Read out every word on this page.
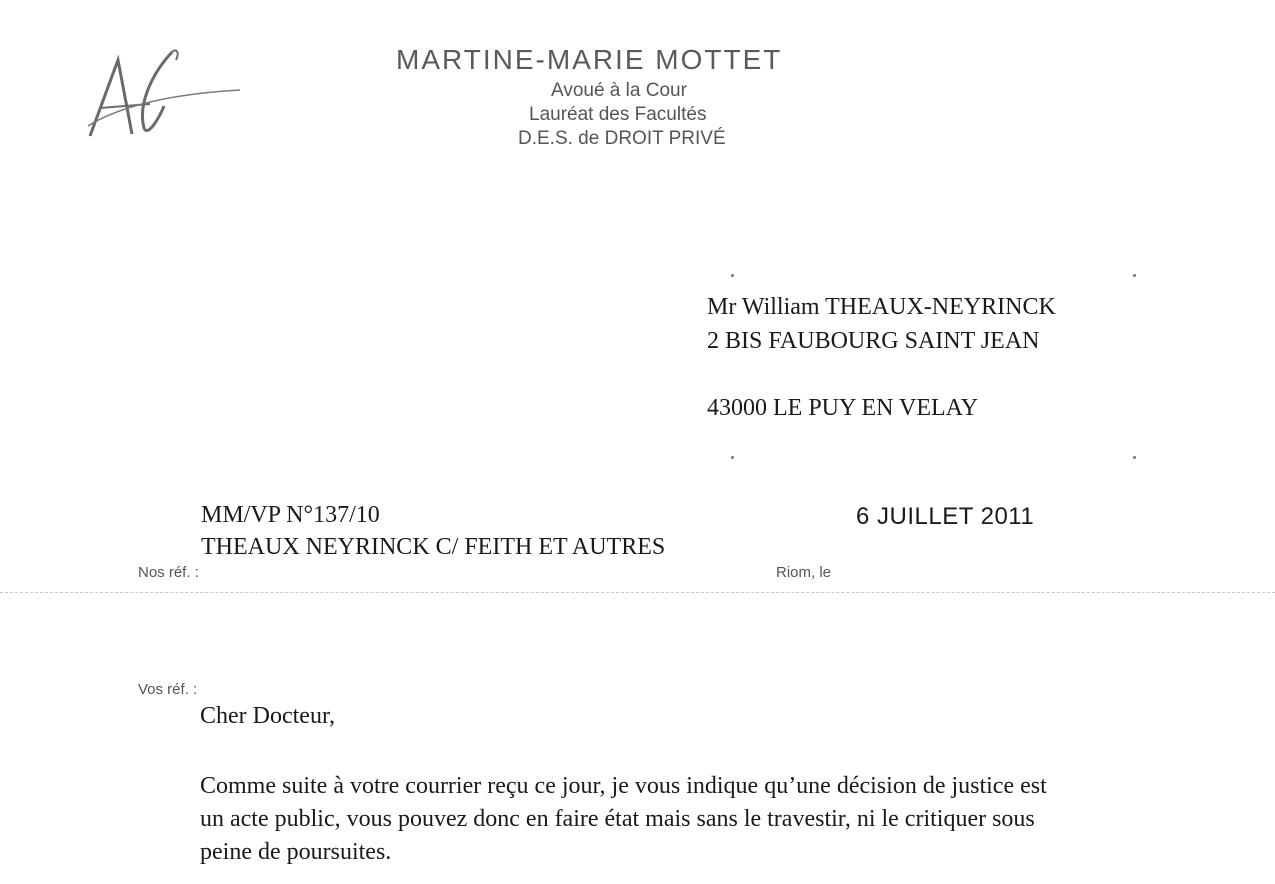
MARTINE-MARIE MOTTET
Avoué à la Cour
Lauréat des Facultés
D.E.S. de DROIT PRIVÉ
Mr William THEAUX-NEYRINCK
2 BIS FAUBOURG SAINT JEAN
43000 LE PUY EN VELAY
MM/VP N°137/10
THEAUX NEYRINCK C/ FEITH ET AUTRES
6 JUILLET 2011
Nos réf. :	Riom, le
Vos réf. :
Cher Docteur,
Comme suite à votre courrier reçu ce jour, je vous indique qu’une décision de justice est
un acte public, vous pouvez donc en faire état mais sans le travestir, ni le critiquer sous
peine de poursuites.
